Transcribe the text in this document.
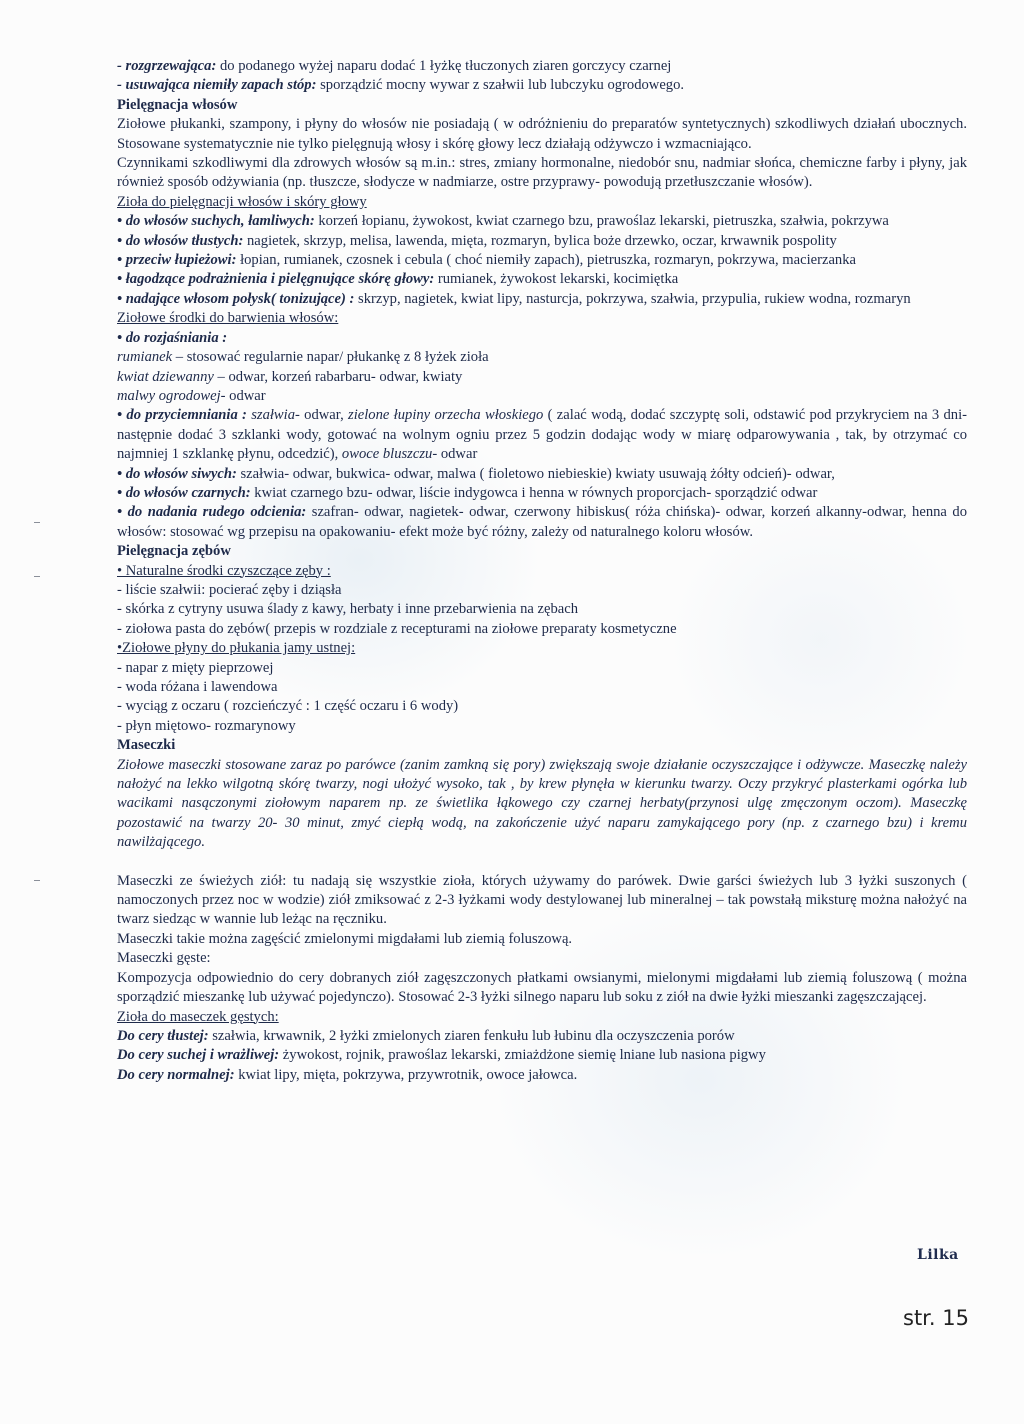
- rozgrzewająca: do podanego wyżej naparu dodać 1 łyżkę tłuczonych ziaren gorczycy czarnej

- usuwająca niemiły zapach stóp: sporządzić mocny wywar z szałwii lub lubczyku ogrodowego.

Pielęgnacja włosów

Ziołowe płukanki, szampony, i płyny do włosów nie posiadają ( w odróżnieniu do preparatów syntetycznych) szkodliwych działań ubocznych. Stosowane systematycznie nie tylko pielęgnują włosy i skórę głowy lecz działają odżywczo i wzmacniająco.

Czynnikami szkodliwymi dla zdrowych włosów są m.in.: stres, zmiany hormonalne, niedobór snu, nadmiar słońca, chemiczne farby i płyny, jak również sposób odżywiania (np. tłuszcze, słodycze w nadmiarze, ostre przyprawy- powodują przetłuszczanie włosów).

Zioła do pielęgnacji włosów i skóry głowy

• do włosów suchych, łamliwych: korzeń łopianu, żywokost, kwiat czarnego bzu, prawoślaz lekarski, pietruszka, szałwia, pokrzywa

• do włosów tłustych: nagietek, skrzyp, melisa, lawenda, mięta, rozmaryn, bylica boże drzewko, oczar, krwawnik pospolity

• przeciw łupieżowi: łopian, rumianek, czosnek i cebula ( choć niemiły zapach), pietruszka, rozmaryn, pokrzywa, macierzanka

• łagodzące podrażnienia i pielęgnujące skórę głowy: rumianek, żywokost lekarski, kocimiętka

• nadające włosom połysk( tonizujące) : skrzyp, nagietek, kwiat lipy, nasturcja, pokrzywa, szałwia, przypulia, rukiew wodna, rozmaryn

Ziołowe środki do barwienia włosów:

• do rozjaśniania :

rumianek – stosować regularnie napar/ płukankę z 8 łyżek zioła

kwiat dziewanny – odwar, korzeń rabarbaru- odwar, kwiaty

malwy ogrodowej- odwar

• do przyciemniania : szałwia- odwar, zielone łupiny orzecha włoskiego ( zalać wodą, dodać szczyptę soli, odstawić pod przykryciem na 3 dni- następnie dodać 3 szklanki wody, gotować na wolnym ogniu przez 5 godzin dodając wody w miarę odparowywania , tak, by otrzymać co najmniej 1 szklankę płynu, odcedzić), owoce bluszczu- odwar

• do włosów siwych: szałwia- odwar, bukwica- odwar, malwa ( fioletowo niebieskie) kwiaty usuwają żółty odcień)- odwar,

• do włosów czarnych: kwiat czarnego bzu- odwar, liście indygowca i henna w równych proporcjach- sporządzić odwar

• do nadania rudego odcienia: szafran- odwar, nagietek- odwar, czerwony hibiskus( róża chińska)- odwar, korzeń alkanny-odwar, henna do włosów: stosować wg przepisu na opakowaniu- efekt może być różny, zależy od naturalnego koloru włosów.

Pielęgnacja zębów

• Naturalne środki czyszczące zęby :

- liście szałwii: pocierać zęby i dziąsła

- skórka z cytryny usuwa ślady z kawy, herbaty i inne przebarwienia na zębach

- ziołowa pasta do zębów( przepis w rozdziale z recepturami na ziołowe preparaty kosmetyczne

•Ziołowe płyny do płukania jamy ustnej:

- napar z mięty pieprzowej

- woda różana i lawendowa

- wyciąg z oczaru ( rozcieńczyć : 1 część oczaru i 6 wody)

- płyn miętowo- rozmarynowy

Maseczki

Ziołowe maseczki stosowane zaraz po parówce (zanim zamkną się pory) zwiększają swoje działanie oczyszczające i odżywcze. Maseczkę należy nałożyć na lekko wilgotną skórę twarzy, nogi ułożyć wysoko, tak , by krew płynęła w kierunku twarzy. Oczy przykryć plasterkami ogórka lub wacikami nasączonymi ziołowym naparem np. ze świetlika łąkowego czy czarnej herbaty(przynosi ulgę zmęczonym oczom). Maseczkę pozostawić na twarzy 20- 30 minut, zmyć ciepłą wodą, na zakończenie użyć naparu zamykającego pory (np. z czarnego bzu) i kremu nawilżającego.

Maseczki ze świeżych ziół: tu nadają się wszystkie zioła, których używamy do parówek. Dwie garści świeżych lub 3 łyżki suszonych ( namoczonych przez noc w wodzie) ziół zmiksować z 2-3 łyżkami wody destylowanej lub mineralnej – tak powstałą miksturę można nałożyć na twarz siedząc w wannie lub leżąc na ręczniku.

Maseczki takie można zagęścić zmielonymi migdałami lub ziemią foluszową.

Maseczki gęste:

Kompozycja odpowiednio do cery dobranych ziół zagęszczonych płatkami owsianymi, mielonymi migdałami lub ziemią foluszową ( można sporządzić mieszankę lub używać pojedynczo). Stosować 2-3 łyżki silnego naparu lub soku z ziół na dwie łyżki mieszanki zagęszczającej.

Zioła do maseczek gęstych:

Do cery tłustej: szałwia, krwawnik, 2 łyżki zmielonych ziaren fenkułu lub łubinu dla oczyszczenia porów

Do cery suchej i wrażliwej: żywokost, rojnik, prawoślaz lekarski, zmiażdżone siemię lniane lub nasiona pigwy

Do cery normalnej: kwiat lipy, mięta, pokrzywa, przywrotnik, owoce jałowca.

Lilka
str. 15
